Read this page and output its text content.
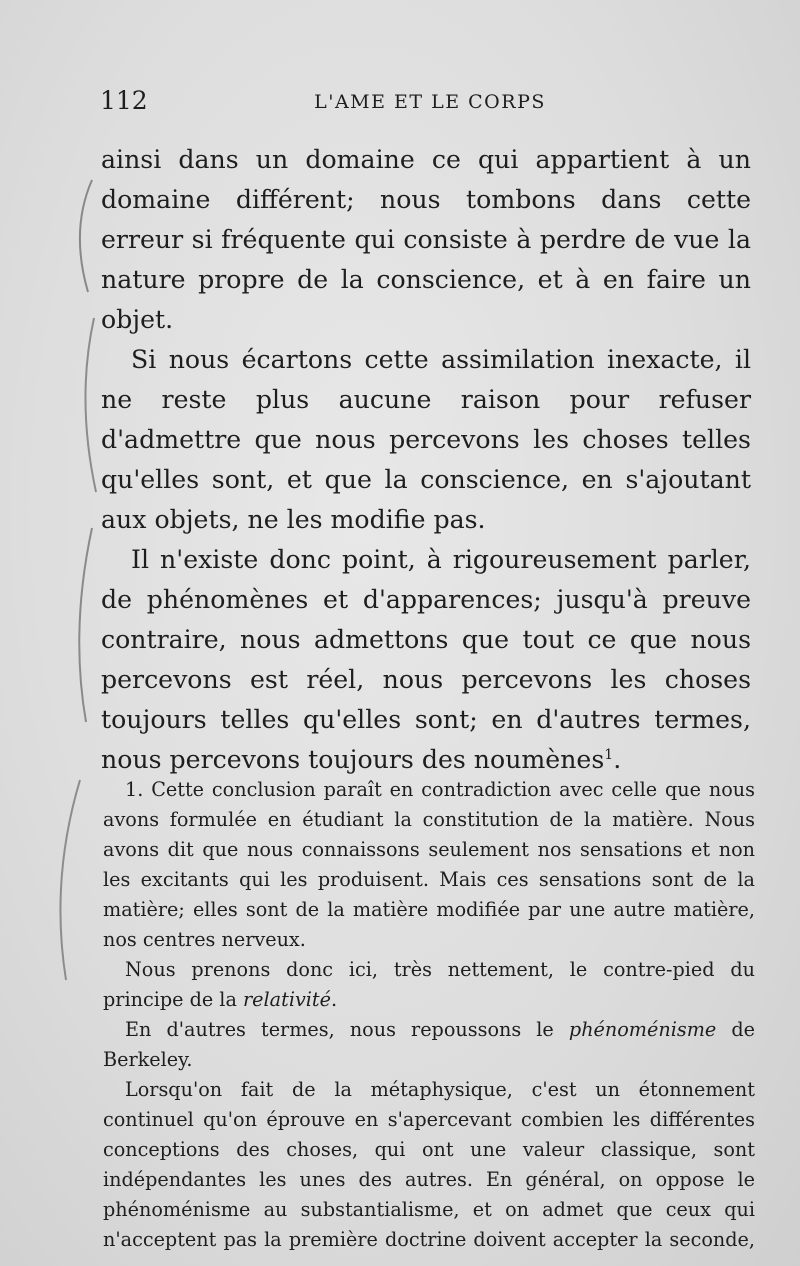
112	L'AME ET LE CORPS

ainsi dans un domaine ce qui appartient à un domaine différent; nous tombons dans cette erreur si fréquente qui consiste à perdre de vue la nature propre de la conscience, et à en faire un objet.

Si nous écartons cette assimilation inexacte, il ne reste plus aucune raison pour refuser d'admettre que nous percevons les choses telles qu'elles sont, et que la conscience, en s'ajoutant aux objets, ne les modifie pas.

Il n'existe donc point, à rigoureusement parler, de phénomènes et d'apparences; jusqu'à preuve contraire, nous admettons que tout ce que nous percevons est réel, nous percevons les choses toujours telles qu'elles sont; en d'autres termes, nous percevons toujours des noumènes$^1$.

1. Cette conclusion paraît en contradiction avec celle que nous avons formulée en étudiant la constitution de la matière. Nous avons dit que nous connaissons seulement nos sensations et non les excitants qui les produisent. Mais ces sensations sont de la matière; elles sont de la matière modifiée par une autre matière, nos centres nerveux.

Nous prenons donc ici, très nettement, le contre-pied du principe de la relativité.

En d'autres termes, nous repoussons le phénoménisme de Berkeley.

Lorsqu'on fait de la métaphysique, c'est un étonnement continuel qu'on éprouve en s'apercevant combien les différentes conceptions des choses, qui ont une valeur classique, sont indépendantes les unes des autres. En général, on oppose le phénoménisme au substantialisme, et on admet que ceux qui n'acceptent pas la première doctrine doivent accepter la seconde,
